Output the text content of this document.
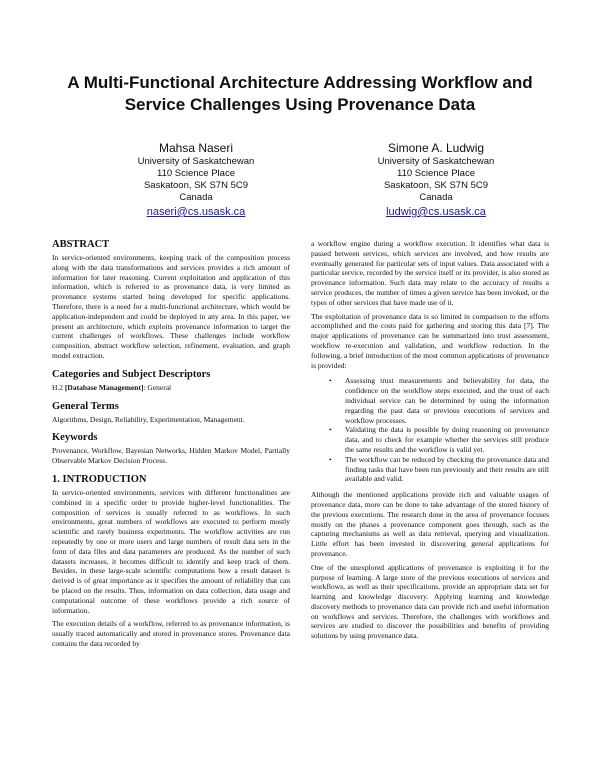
A Multi-Functional Architecture Addressing Workflow and Service Challenges Using Provenance Data
Mahsa Naseri
University of Saskatchewan
110 Science Place
Saskatoon, SK S7N 5C9
Canada
naseri@cs.usask.ca
Simone A. Ludwig
University of Saskatchewan
110 Science Place
Saskatoon, SK S7N 5C9
Canada
ludwig@cs.usask.ca
ABSTRACT

In service-oriented environments, keeping track of the composition process along with the data transformations and services provides a rich amount of information for later reasoning. Current exploitation and application of this information, which is referred to as provenance data, is very limited as provenance systems started being developed for specific applications. Therefore, there is a need for a multi-functional architecture, which would be application-independent and could be deployed in any area. In this paper, we present an architecture, which exploits provenance information to target the current challenges of workflows. These challenges include workflow composition, abstract workflow selection, refinement, evaluation, and graph model extraction.

Categories and Subject Descriptors

H.2 [Database Management]: General

General Terms

Algorithms, Design, Reliability, Experimentation, Management.

Keywords

Provenance, Workflow, Bayesian Networks, Hidden Markov Model, Partially Observable Markov Decision Process.

1. INTRODUCTION

In service-oriented environments, services with different functionalities are combined in a specific order to provide higher-level functionalities. The composition of services is usually referred to as workflows. In such environments, great numbers of workflows are executed to perform mostly scientific and rarely business experiments. The workflow activities are run repeatedly by one or more users and large numbers of result data sets in the form of data files and data parameters are produced. As the number of such datasets increases, it becomes difficult to identify and keep track of them. Besides, in these large-scale scientific computations how a result dataset is derived is of great importance as it specifies the amount of reliability that can be placed on the results. Thus, information on data collection, data usage and computational outcome of these workflows provide a rich source of information.

The execution details of a workflow, referred to as provenance information, is usually traced automatically and stored in provenance stores. Provenance data contains the data recorded by

a workflow engine during a workflow execution. It identifies what data is passed between services, which services are involved, and how results are eventually generated for particular sets of input values. Data associated with a particular service, recorded by the service itself or its provider, is also stored as provenance information. Such data may relate to the accuracy of results a service produces, the number of times a given service has been invoked, or the types of other services that have made use of it.

The exploitation of provenance data is so limited in comparison to the efforts accomplished and the costs paid for gathering and storing this data [7]. The major applications of provenance can be summarized into trust assessment, workflow re-execution and validation, and workflow reduction. In the following, a brief introduction of the most common applications of provenance is provided:

• Assessing trust measurements and believability for data, the confidence on the workflow steps executed, and the trust of each individual service can be determined by using the information regarding the past data or previous executions of services and workflow processes.
• Validating the data is possible by doing reasoning on provenance data, and to check for example whether the services still produce the same results and the workflow is valid yet.
• The workflow can be reduced by checking the provenance data and finding tasks that have been run previously and their results are still available and valid.

Although the mentioned applications provide rich and valuable usages of provenance data, more can be done to take advantage of the stored history of the previous executions. The research done in the area of provenance focuses mostly on the phases a provenance component goes through, such as the capturing mechanisms as well as data retrieval, querying and visualization. Little effort has been invested in discovering general applications for provenance.

One of the unexplored applications of provenance is exploiting it for the purpose of learning. A large store of the previous executions of services and workflows, as well as their specifications, provide an appropriate data set for learning and knowledge discovery. Applying learning and knowledge discovery methods to provenance data can provide rich and useful information on workflows and services. Therefore, the challenges with workflows and services are studied to discover the possibilities and benefits of providing solutions by using provenance data.
